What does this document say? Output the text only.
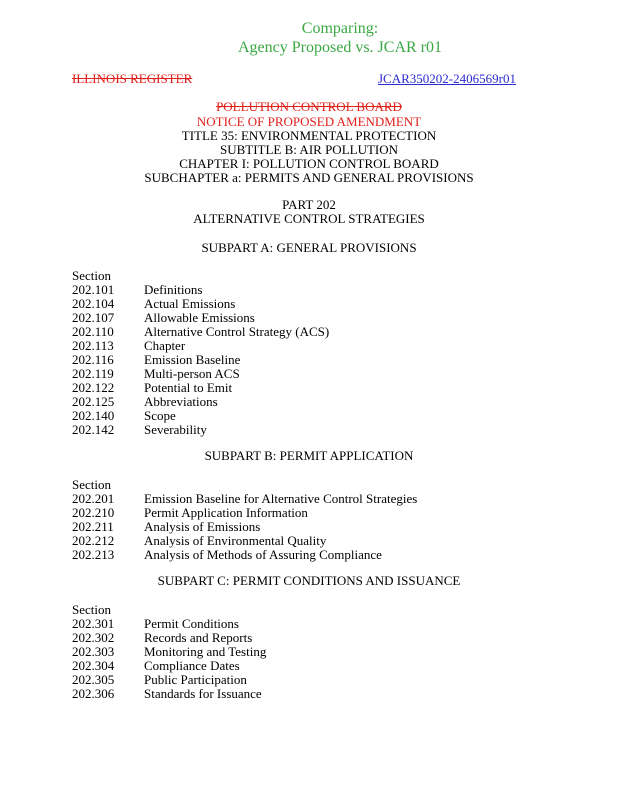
Comparing:
Agency Proposed vs. JCAR r01
ILLINOIS REGISTER	JCAR350202-2406569r01
POLLUTION CONTROL BOARD
NOTICE OF PROPOSED AMENDMENT
TITLE 35: ENVIRONMENTAL PROTECTION
SUBTITLE B: AIR POLLUTION
CHAPTER I: POLLUTION CONTROL BOARD
SUBCHAPTER a: PERMITS AND GENERAL PROVISIONS
PART 202
ALTERNATIVE CONTROL STRATEGIES
SUBPART A: GENERAL PROVISIONS
Section
202.101 Definitions
202.104 Actual Emissions
202.107 Allowable Emissions
202.110 Alternative Control Strategy (ACS)
202.113 Chapter
202.116 Emission Baseline
202.119 Multi-person ACS
202.122 Potential to Emit
202.125 Abbreviations
202.140 Scope
202.142 Severability
SUBPART B: PERMIT APPLICATION
Section
202.201 Emission Baseline for Alternative Control Strategies
202.210 Permit Application Information
202.211 Analysis of Emissions
202.212 Analysis of Environmental Quality
202.213 Analysis of Methods of Assuring Compliance
SUBPART C: PERMIT CONDITIONS AND ISSUANCE
Section
202.301 Permit Conditions
202.302 Records and Reports
202.303 Monitoring and Testing
202.304 Compliance Dates
202.305 Public Participation
202.306 Standards for Issuance
